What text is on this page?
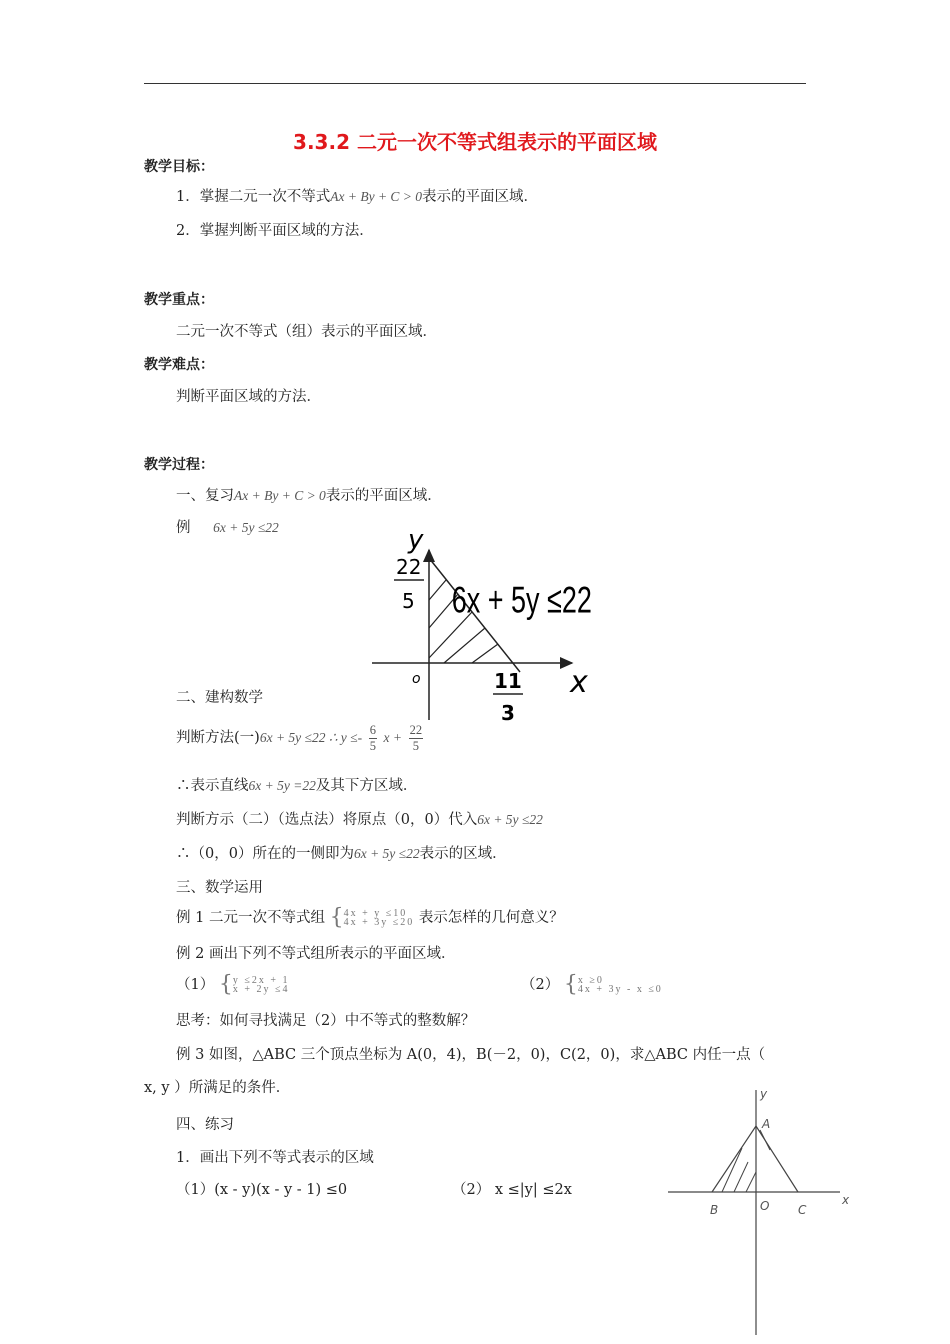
3.3.2 二元一次不等式组表示的平面区域
教学目标：
1．掌握二元一次不等式Ax + By + C > 0表示的平面区域．
2．掌握判断平面区域的方法．
教学重点：
二元一次不等式（组）表示的平面区域．
教学难点：
判断平面区域的方法．
教学过程：
一、复习Ax + By + C > 0表示的平面区域．
例 6x + 5y ≤22	y
x
o
22
5
11
3
6x + 5y ≤22
二、建构数学
判断方法(一)6x + 5y ≤22 ∴ $y \le- \frac{6}{5}$ $x + \frac{22}{5}$
∴表示直线6x + 5y =22及其下方区域．
判断方示（二）（选点法）将原点（0，0）代入6x + 5y ≤22
∴（0，0）所在的一侧即为6x + 5y ≤22表示的区域．
三、数学运用
例 1 二元一次不等式组 { 4x + y ≤10
4x + 3y ≤20 表示怎样的几何意义？
例 2 画出下列不等式组所表示的平面区域．
（1） { y ≤2x + 1
x + 2y ≤4	（2） { x ≥0
4x + 3y - x ≤0
思考：如何寻找满足（2）中不等式的整数解？
例 3 如图，△ABC 三个顶点坐标为 A(0，4)，B(－2，0)，C(2，0)，求△ABC 内任一点（
x, y ）所满足的条件．
四、练习
1．画出下列不等式表示的区域
（1）(x - y)(x - y - 1) ≤0	（2） x ≤|y| ≤2x
y
x
A
B	O C
